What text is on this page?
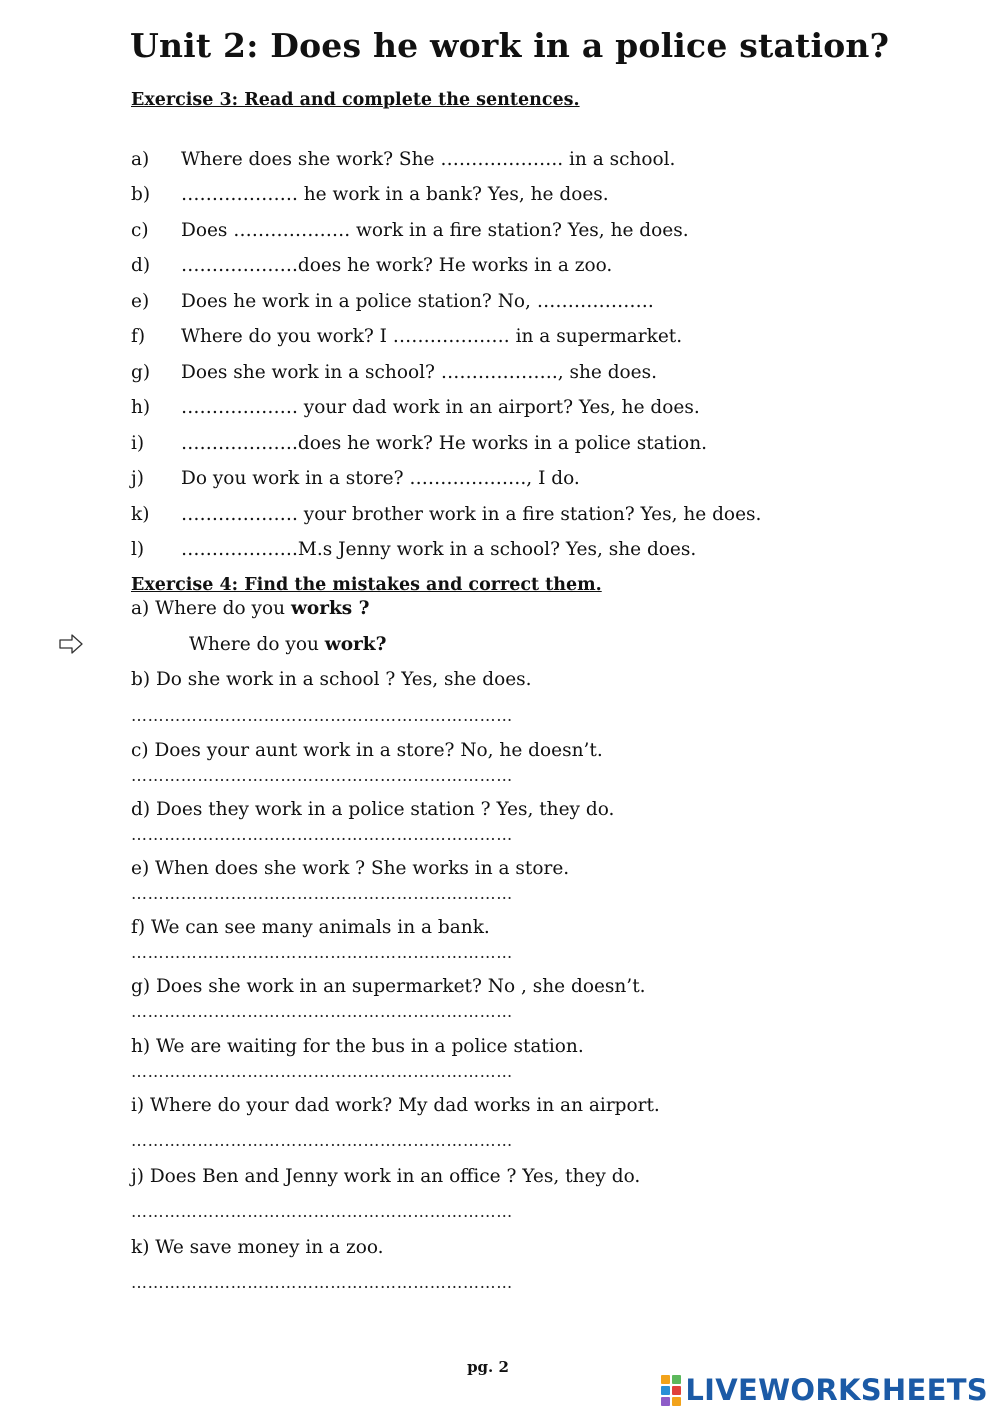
Unit 2: Does he work in a police station?
Exercise 3: Read and complete the sentences.
a) Where does she work? She ……………….. in a school.
b) ………………. he work in a bank? Yes, he does.
c) Does ………………. work in a fire station? Yes, he does.
d) ……………….does he work? He works in a zoo.
e) Does he work in a police station? No, ……………….
f) Where do you work? I ………………. in a supermarket.
g) Does she work in a school? ………………., she does.
h) ………………. your dad work in an airport? Yes, he does.
i) ……………….does he work? He works in a police station.
j) Do you work in a store? ………………., I do.
k) ………………. your brother work in a fire station? Yes, he does.
l) ……………….M.s Jenny work in a school? Yes, she does.
Exercise 4: Find the mistakes and correct them.
a) Where do you works ?
Where do you work?
b) Do she work in a school ? Yes, she does.
……………………………………………………………
c) Does your aunt work in a store? No, he doesn’t.
……………………………………………………………
d) Does they work in a police station ? Yes, they do.
……………………………………………………………
e) When does she work ? She works in a store.
……………………………………………………………
f) We can see many animals in a bank.
……………………………………………………………
g) Does she work in an supermarket? No , she doesn’t.
……………………………………………………………
h) We are waiting for the bus in a police station.
……………………………………………………………
i) Where do your dad work? My dad works in an airport.
……………………………………………………………
j) Does Ben and Jenny work in an office ? Yes, they do.
……………………………………………………………
k) We save money in a zoo.
……………………………………………………………
pg. 2
LIVEWORKSHEETS
